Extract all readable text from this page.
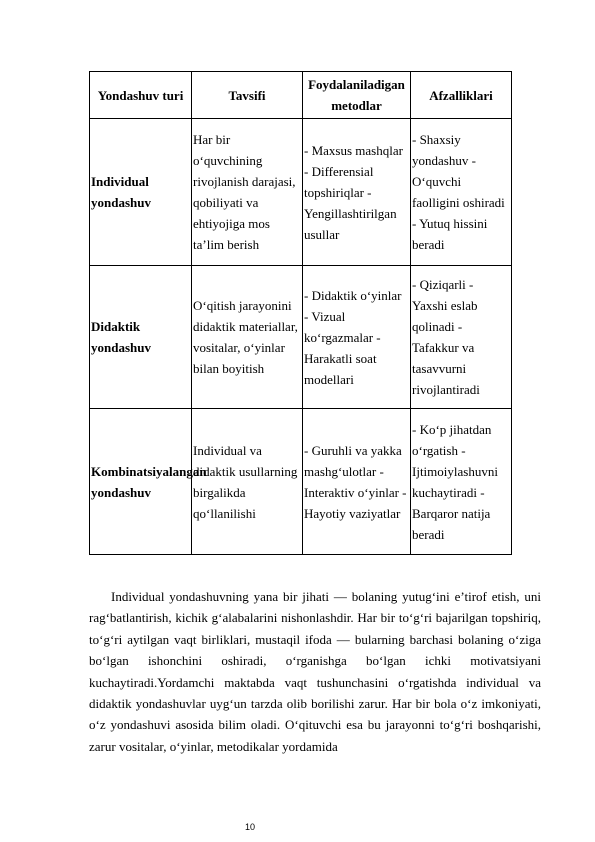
Yondashuv turi	Tavsifi	Foydalaniladigan metodlar	Afzalliklari
Individual yondashuv	Har bir o‘quvchining rivojlanish darajasi, qobiliyati va ehtiyojiga mos ta’lim berish	- Maxsus mashqlar - Differensial topshiriqlar - Yengillashtirilgan usullar	- Shaxsiy yondashuv - O‘quvchi faolligini oshiradi - Yutuq hissini beradi
Didaktik yondashuv	O‘qitish jarayonini didaktik materiallar, vositalar, o‘yinlar bilan boyitish	- Didaktik o‘yinlar - Vizual ko‘rgazmalar - Harakatli soat modellari	- Qiziqarli - Yaxshi eslab qolinadi - Tafakkur va tasavvurni rivojlantiradi
Kombinatsiyalangan yondashuv	Individual va didaktik usullarning birgalikda qo‘llanilishi	- Guruhli va yakka mashg‘ulotlar - Interaktiv o‘yinlar - Hayotiy vaziyatlar	- Ko‘p jihatdan o‘rgatish - Ijtimoiylashuvni kuchaytiradi - Barqaror natija beradi

Individual yondashuvning yana bir jihati — bolaning yutug‘ini e’tirof etish, uni rag‘batlantirish, kichik g‘alabalarini nishonlashdir. Har bir to‘g‘ri bajarilgan topshiriq, to‘g‘ri aytilgan vaqt birliklari, mustaqil ifoda — bularning barchasi bolaning o‘ziga bo‘lgan ishonchini oshiradi, o‘rganishga bo‘lgan ichki motivatsiyani kuchaytiradi.Yordamchi maktabda vaqt tushunchasini o‘rgatishda individual va didaktik yondashuvlar uyg‘un tarzda olib borilishi zarur. Har bir bola o‘z imkoniyati, o‘z yondashuvi asosida bilim oladi. O‘qituvchi esa bu jarayonni to‘g‘ri boshqarishi, zarur vositalar, o‘yinlar, metodikalar yordamida

10
